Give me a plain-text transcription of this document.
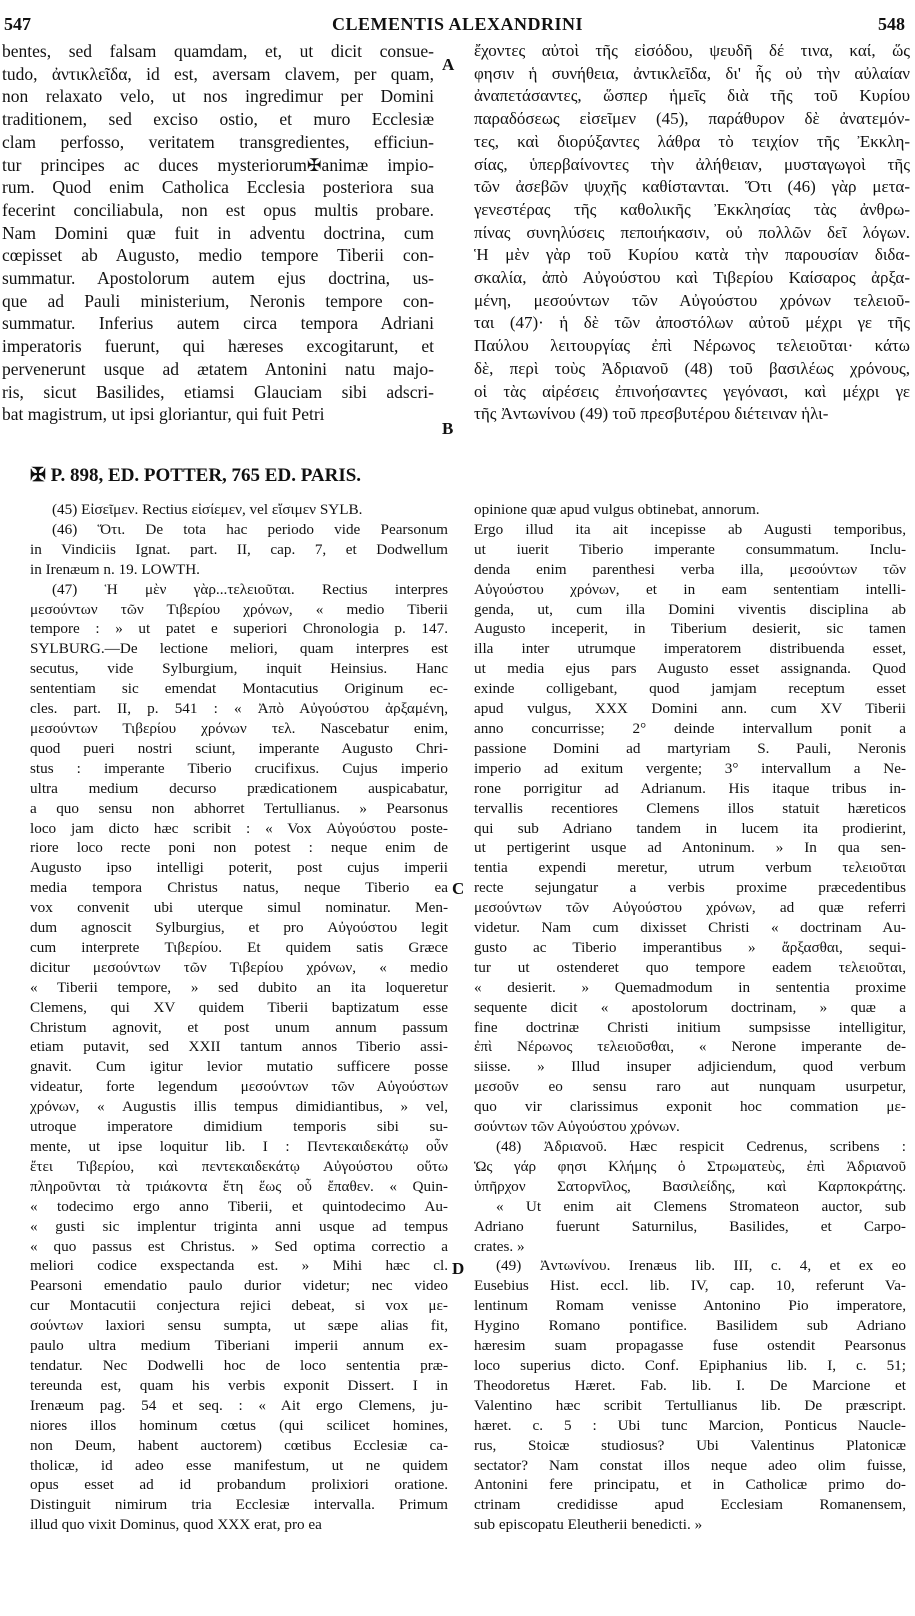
547	CLEMENTIS ALEXANDRINI	548
bentes, sed falsam quamdam, et, ut dicit consue-
tudo, ἀντικλεῖδα, id est, aversam clavem, per quam,
non relaxato velo, ut nos ingredimur per Domini
traditionem, sed exciso ostio, et muro Ecclesiæ
clam perfosso, veritatem transgredientes, efficiun-
tur principes ac duces mysteriorum✠animæ impio-
rum. Quod enim Catholica Ecclesia posteriora sua
fecerint conciliabula, non est opus multis probare.
Nam Domini quæ fuit in adventu doctrina, cum
cœpisset ab Augusto, medio tempore Tiberii con-
summatur. Apostolorum autem ejus doctrina, us-
que ad Pauli ministerium, Neronis tempore con-
summatur. Inferius autem circa tempora Adriani
imperatoris fuerunt, qui hæreses excogitarunt, et
pervenerunt usque ad ætatem Antonini natu majo-
ris, sicut Basilides, etiamsi Glauciam sibi adscri-
bat magistrum, ut ipsi gloriantur, qui fuit Petri
ἔχοντες αὐτοὶ τῆς εἰσόδου, ψευδῆ δέ τινα, καί, ὥς
φησιν ἡ συνήθεια, ἀντικλεῖδα, δι' ἧς οὐ τὴν αὐλαίαν
ἀναπετάσαντες, ὥσπερ ἡμεῖς διὰ τῆς τοῦ Κυρίου
παραδόσεως εἰσεῖμεν (45), παράθυρον δὲ ἀνατεμόν-
τες, καὶ διορύξαντες λάθρα τὸ τειχίον τῆς Ἐκκλη-
σίας, ὑπερβαίνοντες τὴν ἀλήθειαν, μυσταγωγοὶ τῆς
τῶν ἀσεβῶν ψυχῆς καθίστανται. Ὅτι (46) γὰρ μετα-
γενεστέρας τῆς καθολικῆς Ἐκκλησίας τὰς ἀνθρω-
πίνας συνηλύσεις πεποιήκασιν, οὐ πολλῶν δεῖ λόγων.
Ἡ μὲν γὰρ τοῦ Κυρίου κατὰ τὴν παρουσίαν διδα-
σκαλία, ἀπὸ Αὐγούστου καὶ Τιβερίου Καίσαρος ἀρξα-
μένη, μεσούντων τῶν Αὐγούστου χρόνων τελειοῦ-
ται (47)· ἡ δὲ τῶν ἀποστόλων αὐτοῦ μέχρι γε τῆς
Παύλου λειτουργίας ἐπὶ Νέρωνος τελειοῦται· κάτω
δὲ, περὶ τοὺς Ἀδριανοῦ (48) τοῦ βασιλέως χρόνους,
οἱ τὰς αἱρέσεις ἐπινοήσαντες γεγόνασι, καὶ μέχρι γε
τῆς Ἀντωνίνου (49) τοῦ πρεσβυτέρου διέτειναν ἡλι-
A
B
C
D
✠ P. 898, ED. POTTER, 765 ED. PARIS.
(45) Εἰσεῖμεν. Rectius εἰσίεμεν, vel εἴσιμεν SYLB.
(46) Ὅτι. De tota hac periodo vide Pearsonum
in Vindiciis Ignat. part. II, cap. 7, et Dodwellum
in Irenæum n. 19. LOWTH.
(47) Ἡ μὲν γὰρ...τελειοῦται. Rectius interpres
μεσούντων τῶν Τιβερίου χρόνων, « medio Tiberii
tempore : » ut patet e superiori Chronologia p. 147.
SYLBURG.—De lectione meliori, quam interpres est
secutus, vide Sylburgium, inquit Heinsius. Hanc
sententiam sic emendat Montacutius Originum ec-
cles. part. II, p. 541 : « Ἀπὸ Αὐγούστου ἀρξαμένη,
μεσούντων Τιβερίου χρόνων τελ. Nascebatur enim,
quod pueri nostri sciunt, imperante Augusto Chri-
stus : imperante Tiberio crucifixus. Cujus imperio
ultra medium decurso prædicationem auspicabatur,
a quo sensu non abhorret Tertullianus. » Pearsonus
loco jam dicto hæc scribit : « Vox Αὐγούστου poste-
riore loco recte poni non potest : neque enim de
Augusto ipso intelligi poterit, post cujus imperii
media tempora Christus natus, neque Tiberio ea
vox convenit ubi uterque simul nominatur. Men-
dum agnoscit Sylburgius, et pro Αὐγούστου legit
cum interprete Τιβερίου. Et quidem satis Græce
dicitur μεσούντων τῶν Τιβερίου χρόνων, « medio
« Tiberii tempore, » sed dubito an ita loqueretur
Clemens, qui XV quidem Tiberii baptizatum esse
Christum agnovit, et post unum annum passum
etiam putavit, sed XXII tantum annos Tiberio assi-
gnavit. Cum igitur levior mutatio sufficere posse
videatur, forte legendum μεσούντων τῶν Αὐγούστων
χρόνων, « Augustis illis tempus dimidiantibus, » vel,
utroque imperatore dimidium temporis sibi su-
mente, ut ipse loquitur lib. I : Πεντεκαιδεκάτῳ οὖν
ἔτει Τιβερίου, καὶ πεντεκαιδεκάτῳ Αὐγούστου οὕτω
πληροῦνται τὰ τριάκοντα ἔτη ἕως οὗ ἔπαθεν. « Quin-
« todecimo ergo anno Tiberii, et quintodecimo Au-
« gusti sic implentur triginta anni usque ad tempus
« quo passus est Christus. » Sed optima correctio a
meliori codice exspectanda est. » Mihi hæc cl.
Pearsoni emendatio paulo durior videtur; nec video
cur Montacutii conjectura rejici debeat, si vox με-
σούντων laxiori sensu sumpta, ut sæpe alias fit,
paulo ultra medium Tiberiani imperii annum ex-
tendatur. Nec Dodwelli hoc de loco sententia præ-
tereunda est, quam his verbis exponit Dissert. I in
Irenæum pag. 54 et seq. : « Ait ergo Clemens, ju-
niores illos hominum cœtus (qui scilicet homines,
non Deum, habent auctorem) cœtibus Ecclesiæ ca-
tholicæ, id adeo esse manifestum, ut ne quidem
opus esset ad id probandum prolixiori oratione.
Distinguit nimirum tria Ecclesiæ intervalla. Primum
illud quo vixit Dominus, quod XXX erat, pro ea
opinione quæ apud vulgus obtinebat, annorum.
Ergo illud ita ait incepisse ab Augusti temporibus,
ut iuerit Tiberio imperante consummatum. Inclu-
denda enim parenthesi verba illa, μεσούντων τῶν
Αὐγούστου χρόνων, et in eam sententiam intelli-
genda, ut, cum illa Domini viventis disciplina ab
Augusto inceperit, in Tiberium desierit, sic tamen
illa inter utrumque imperatorem distribuenda esset,
ut media ejus pars Augusto esset assignanda. Quod
exinde colligebant, quod jamjam receptum esset
apud vulgus, XXX Domini ann. cum XV Tiberii
anno concurrisse; 2° deinde intervallum ponit a
passione Domini ad martyriam S. Pauli, Neronis
imperio ad exitum vergente; 3° intervallum a Ne-
rone porrigitur ad Adrianum. His itaque tribus in-
tervallis recentiores Clemens illos statuit hæreticos
qui sub Adriano tandem in lucem ita prodierint,
ut pertigerint usque ad Antoninum. » In qua sen-
tentia expendi meretur, utrum verbum τελειοῦται
recte sejungatur a verbis proxime præcedentibus
μεσούντων τῶν Αὐγούστου χρόνων, ad quæ referri
videtur. Nam cum dixisset Christi « doctrinam Au-
gusto ac Tiberio imperantibus » ἄρξασθαι, sequi-
tur ut ostenderet quo tempore eadem τελειοῦται,
« desierit. » Quemadmodum in sententia proxime
sequente dicit « apostolorum doctrinam, » quæ a
fine doctrinæ Christi initium sumpsisse intelligitur,
ἐπὶ Νέρωνος τελειοῦσθαι, « Nerone imperante de-
siisse. » Illud insuper adjiciendum, quod verbum
μεσοῦν eo sensu raro aut nunquam usurpetur,
quo vir clarissimus exponit hoc commation με-
σούντων τῶν Αὐγούστου χρόνων.
(48) Ἀδριανοῦ. Hæc respicit Cedrenus, scribens :
Ὡς γάρ φησι Κλήμης ὁ Στρωματεὺς, ἐπὶ Ἀδριανοῦ
ὑπῆρχον Σατορνῖλος, Βασιλείδης, καὶ Καρποκράτης.
« Ut enim ait Clemens Stromateon auctor, sub
Adriano fuerunt Saturnilus, Basilides, et Carpo-
crates. »
(49) Ἀντωνίνου. Irenæus lib. III, c. 4, et ex eo
Eusebius Hist. eccl. lib. IV, cap. 10, referunt Va-
lentinum Romam venisse Antonino Pio imperatore,
Hygino Romano pontifice. Basilidem sub Adriano
hæresim suam propagasse fuse ostendit Pearsonus
loco superius dicto. Conf. Epiphanius lib. I, c. 51;
Theodoretus Hæret. Fab. lib. I. De Marcione et
Valentino hæc scribit Tertullianus lib. De præscript.
hæret. c. 5 : Ubi tunc Marcion, Ponticus Naucle-
rus, Stoicæ studiosus? Ubi Valentinus Platonicæ
sectator? Nam constat illos neque adeo olim fuisse,
Antonini fere principatu, et in Catholicæ primo do-
ctrinam credidisse apud Ecclesiam Romanensem,
sub episcopatu Eleutherii benedicti. »
